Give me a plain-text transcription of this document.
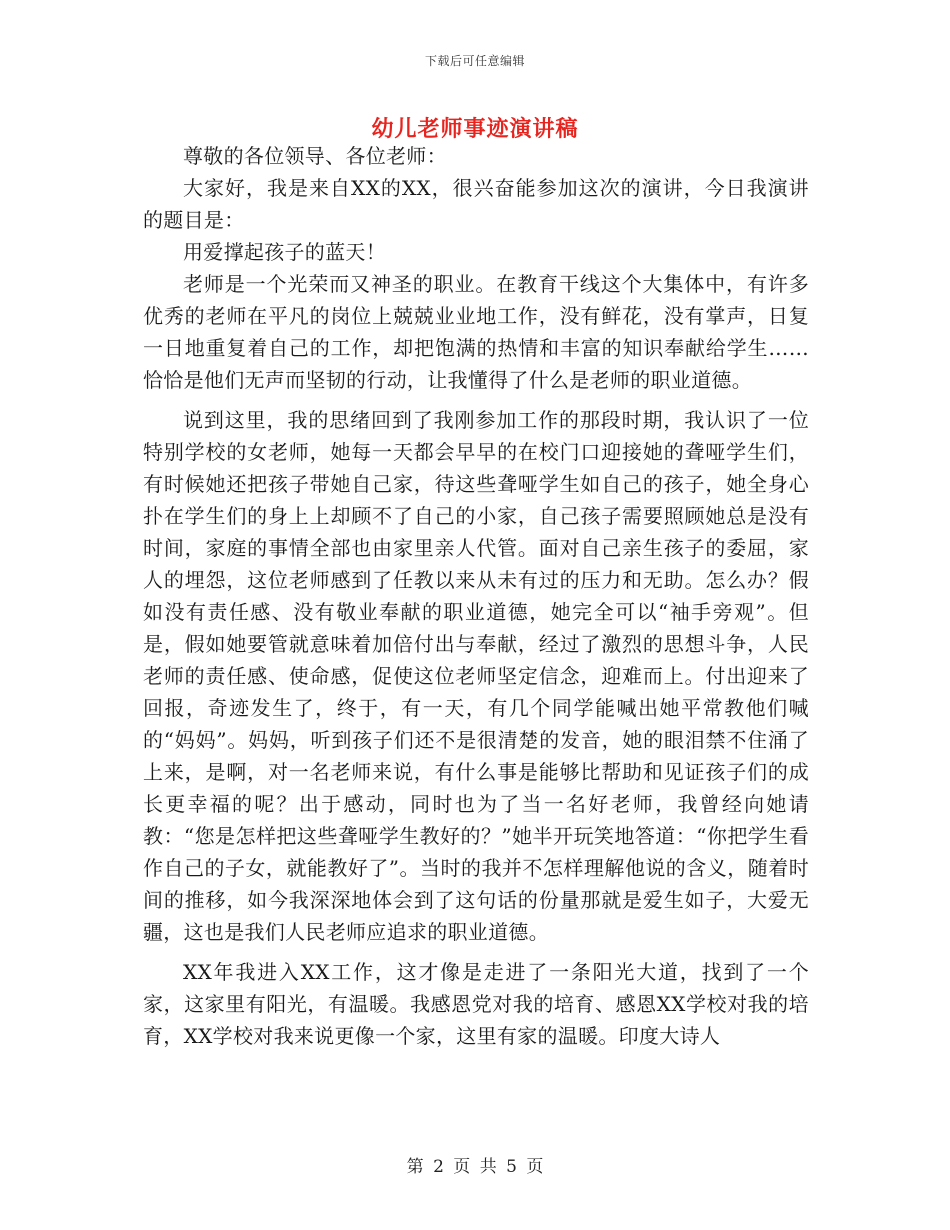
下载后可任意编辑
幼儿老师事迹演讲稿

尊敬的各位领导、各位老师：

大家好，我是来自XX的XX，很兴奋能参加这次的演讲，今日我演讲的题目是：

用爱撑起孩子的蓝天！

老师是一个光荣而又神圣的职业。在教育干线这个大集体中，有许多优秀的老师在平凡的岗位上兢兢业业地工作，没有鲜花，没有掌声，日复一日地重复着自己的工作，却把饱满的热情和丰富的知识奉献给学生……恰恰是他们无声而坚韧的行动，让我懂得了什么是老师的职业道德。

说到这里，我的思绪回到了我刚参加工作的那段时期，我认识了一位特别学校的女老师，她每一天都会早早的在校门口迎接她的聋哑学生们，有时候她还把孩子带她自己家，待这些聋哑学生如自己的孩子，她全身心扑在学生们的身上上却顾不了自己的小家，自己孩子需要照顾她总是没有时间，家庭的事情全部也由家里亲人代管。面对自己亲生孩子的委屈，家人的埋怨，这位老师感到了任教以来从未有过的压力和无助。怎么办？假如没有责任感、没有敬业奉献的职业道德，她完全可以“袖手旁观”。但是，假如她要管就意味着加倍付出与奉献，经过了激烈的思想斗争，人民老师的责任感、使命感，促使这位老师坚定信念，迎难而上。付出迎来了回报，奇迹发生了，终于，有一天，有几个同学能喊出她平常教他们喊的“妈妈”。妈妈，听到孩子们还不是很清楚的发音，她的眼泪禁不住涌了上来，是啊，对一名老师来说，有什么事是能够比帮助和见证孩子们的成长更幸福的呢？出于感动，同时也为了当一名好老师，我曾经向她请教：“您是怎样把这些聋哑学生教好的？”她半开玩笑地答道：“你把学生看作自己的子女，就能教好了”。当时的我并不怎样理解他说的含义，随着时间的推移，如今我深深地体会到了这句话的份量那就是爱生如子，大爱无疆，这也是我们人民老师应追求的职业道德。

XX年我进入XX工作，这才像是走进了一条阳光大道，找到了一个家，这家里有阳光，有温暖。我感恩党对我的培育、感恩XX学校对我的培育，XX学校对我来说更像一个家，这里有家的温暖。印度大诗人

第 2 页 共 5 页
